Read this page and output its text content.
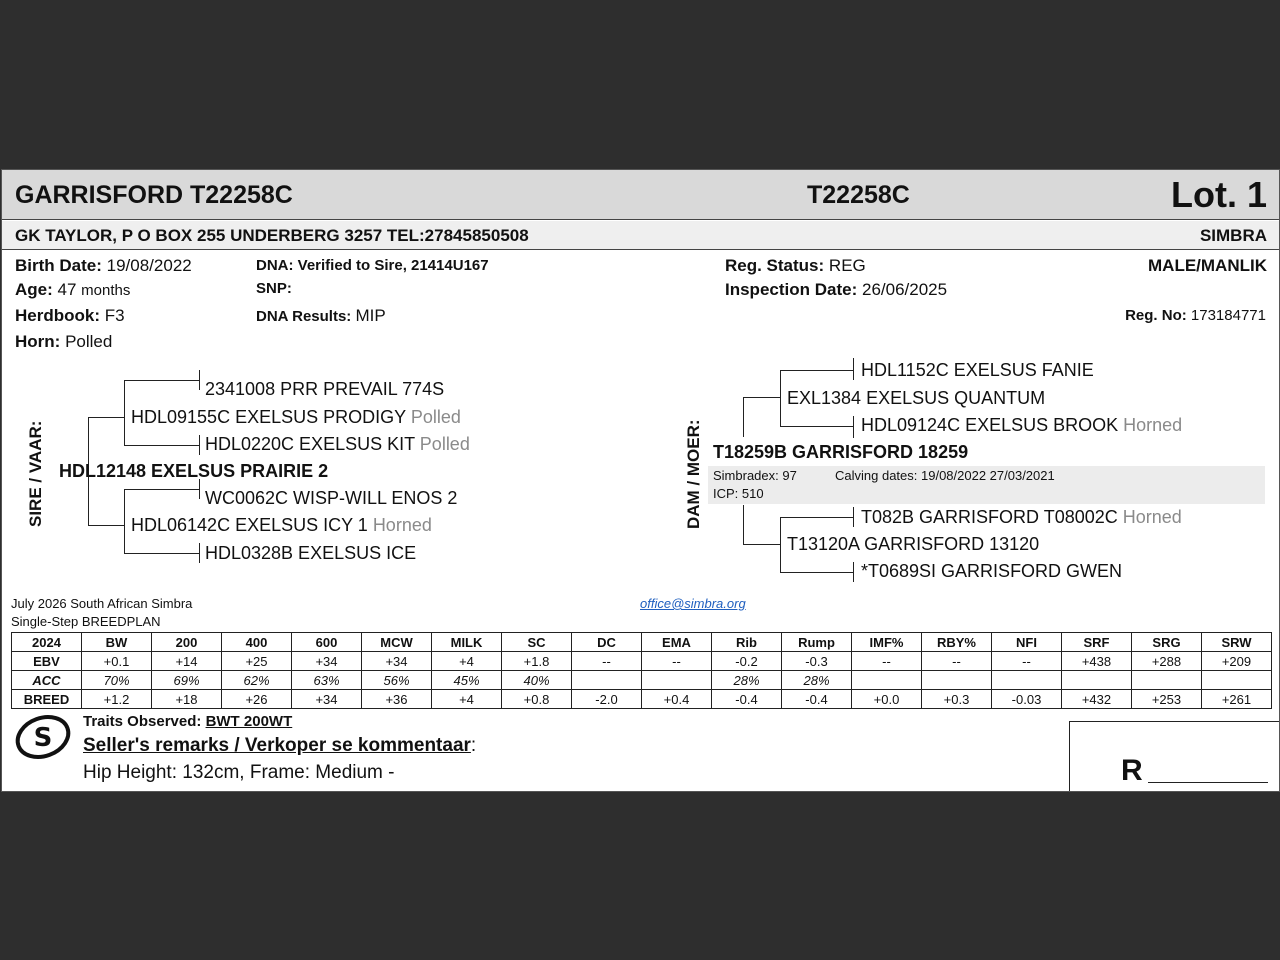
GARRISFORD T22258C	T22258C	Lot. 1
GK TAYLOR, P O BOX 255 UNDERBERG 3257 TEL:27845850508	SIMBRA
Birth Date: 19/08/2022
Age: 47 months
Herdbook: F3
Horn: Polled
DNA: Verified to Sire, 21414U167
SNP:
DNA Results: MIP
Reg. Status: REG
Inspection Date: 26/06/2025
MALE/MANLIK
Reg. No: 173184771
SIRE / VAAR:
2341008 PRR PREVAIL 774S
HDL09155C EXELSUS PRODIGY Polled
HDL0220C EXELSUS KIT Polled
HDL12148 EXELSUS PRAIRIE 2
WC0062C WISP-WILL ENOS 2
HDL06142C EXELSUS ICY 1 Horned
HDL0328B EXELSUS ICE
DAM / MOER: Simbradex: 97	Calving dates: 19/08/2022 27/03/2021
ICP: 510
HDL1152C EXELSUS FANIE
EXL1384 EXELSUS QUANTUM
HDL09124C EXELSUS BROOK Horned
T18259B GARRISFORD 18259
T082B GARRISFORD T08002C Horned
T13120A GARRISFORD 13120
*T0689SI GARRISFORD GWEN
July 2026 South African Simbra
Single-Step BREEDPLAN
office@simbra.org
2024	BW	200	400	600	MCW	MILK	SC	DC	EMA	Rib	Rump	IMF%	RBY%	NFI	SRF	SRG	SRW
EBV	+0.1	+14	+25	+34	+34	+4	+1.8	--	--	-0.2	-0.3	--	--	--	+438	+288	+209
ACC	70%	69%	62%	63%	56%	45%	40%			28%	28%						
BREED	+1.2	+18	+26	+34	+36	+4	+0.8	-2.0	+0.4	-0.4	-0.4	+0.0	+0.3	-0.03	+432	+253	+261
S
Traits Observed: BWT 200WT
Seller's remarks / Verkoper se kommentaar:
Hip Height: 132cm, Frame: Medium -	R
